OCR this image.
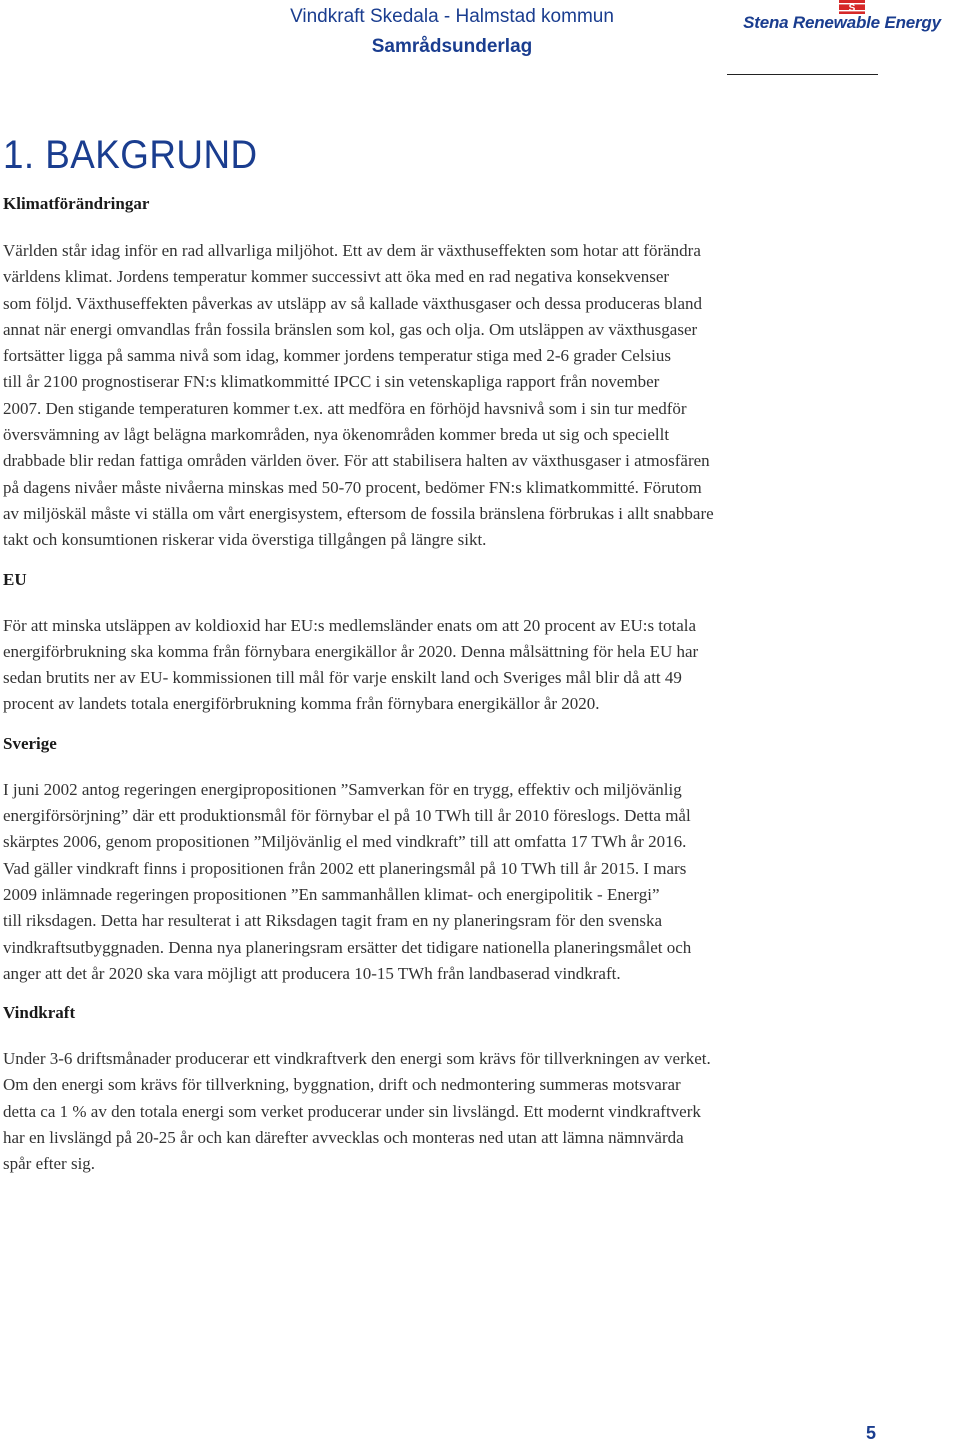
Vindkraft Skedala - Halmstad kommun
Samrådsunderlag
S
Stena Renewable Energy
1. BAKGRUND

Klimatförändringar

Världen står idag inför en rad allvarliga miljöhot. Ett av dem är växthuseffekten som hotar att förändra

världens klimat. Jordens temperatur kommer successivt att öka med en rad negativa konsekvenser

som följd. Växthuseffekten påverkas av utsläpp av så kallade växthusgaser och dessa produceras bland

annat när energi omvandlas från fossila bränslen som kol, gas och olja. Om utsläppen av växthusgaser

fortsätter ligga på samma nivå som idag, kommer jordens temperatur stiga med 2-6 grader Celsius

till år 2100 prognostiserar FN:s klimatkommitté IPCC i sin vetenskapliga rapport från november

2007. Den stigande temperaturen kommer t.ex. att medföra en förhöjd havsnivå som i sin tur medför

översvämning av lågt belägna markområden, nya ökenområden kommer breda ut sig och speciellt

drabbade blir redan fattiga områden världen över. För att stabilisera halten av växthusgaser i atmosfären

på dagens nivåer måste nivåerna minskas med 50-70 procent, bedömer FN:s klimatkommitté. Förutom

av miljöskäl måste vi ställa om vårt energisystem, eftersom de fossila bränslena förbrukas i allt snabbare

takt och konsumtionen riskerar vida överstiga tillgången på längre sikt.

EU

För att minska utsläppen av koldioxid har EU:s medlemsländer enats om att 20 procent av EU:s totala

energiförbrukning ska komma från förnybara energikällor år 2020. Denna målsättning för hela EU har

sedan brutits ner av EU- kommissionen till mål för varje enskilt land och Sveriges mål blir då att 49

procent av landets totala energiförbrukning komma från förnybara energikällor år 2020.

Sverige

I juni 2002 antog regeringen energipropositionen ”Samverkan för en trygg, effektiv och miljövänlig

energiförsörjning” där ett produktionsmål för förnybar el på 10 TWh till år 2010 föreslogs. Detta mål

skärptes 2006, genom propositionen ”Miljövänlig el med vindkraft” till att omfatta 17 TWh år 2016.

Vad gäller vindkraft finns i propositionen från 2002 ett planeringsmål på 10 TWh till år 2015. I mars

2009 inlämnade regeringen propositionen ”En sammanhållen klimat- och energipolitik - Energi”

till riksdagen. Detta har resulterat i att Riksdagen tagit fram en ny planeringsram för den svenska

vindkraftsutbyggnaden. Denna nya planeringsram ersätter det tidigare nationella planeringsmålet och

anger att det år 2020 ska vara möjligt att producera 10-15 TWh från landbaserad vindkraft.

Vindkraft

Under 3-6 driftsmånader producerar ett vindkraftverk den energi som krävs för tillverkningen av verket.

Om den energi som krävs för tillverkning, byggnation, drift och nedmontering summeras motsvarar

detta ca 1 % av den totala energi som verket producerar under sin livslängd. Ett modernt vindkraftverk

har en livslängd på 20-25 år och kan därefter avvecklas och monteras ned utan att lämna nämnvärda

spår efter sig.

5
